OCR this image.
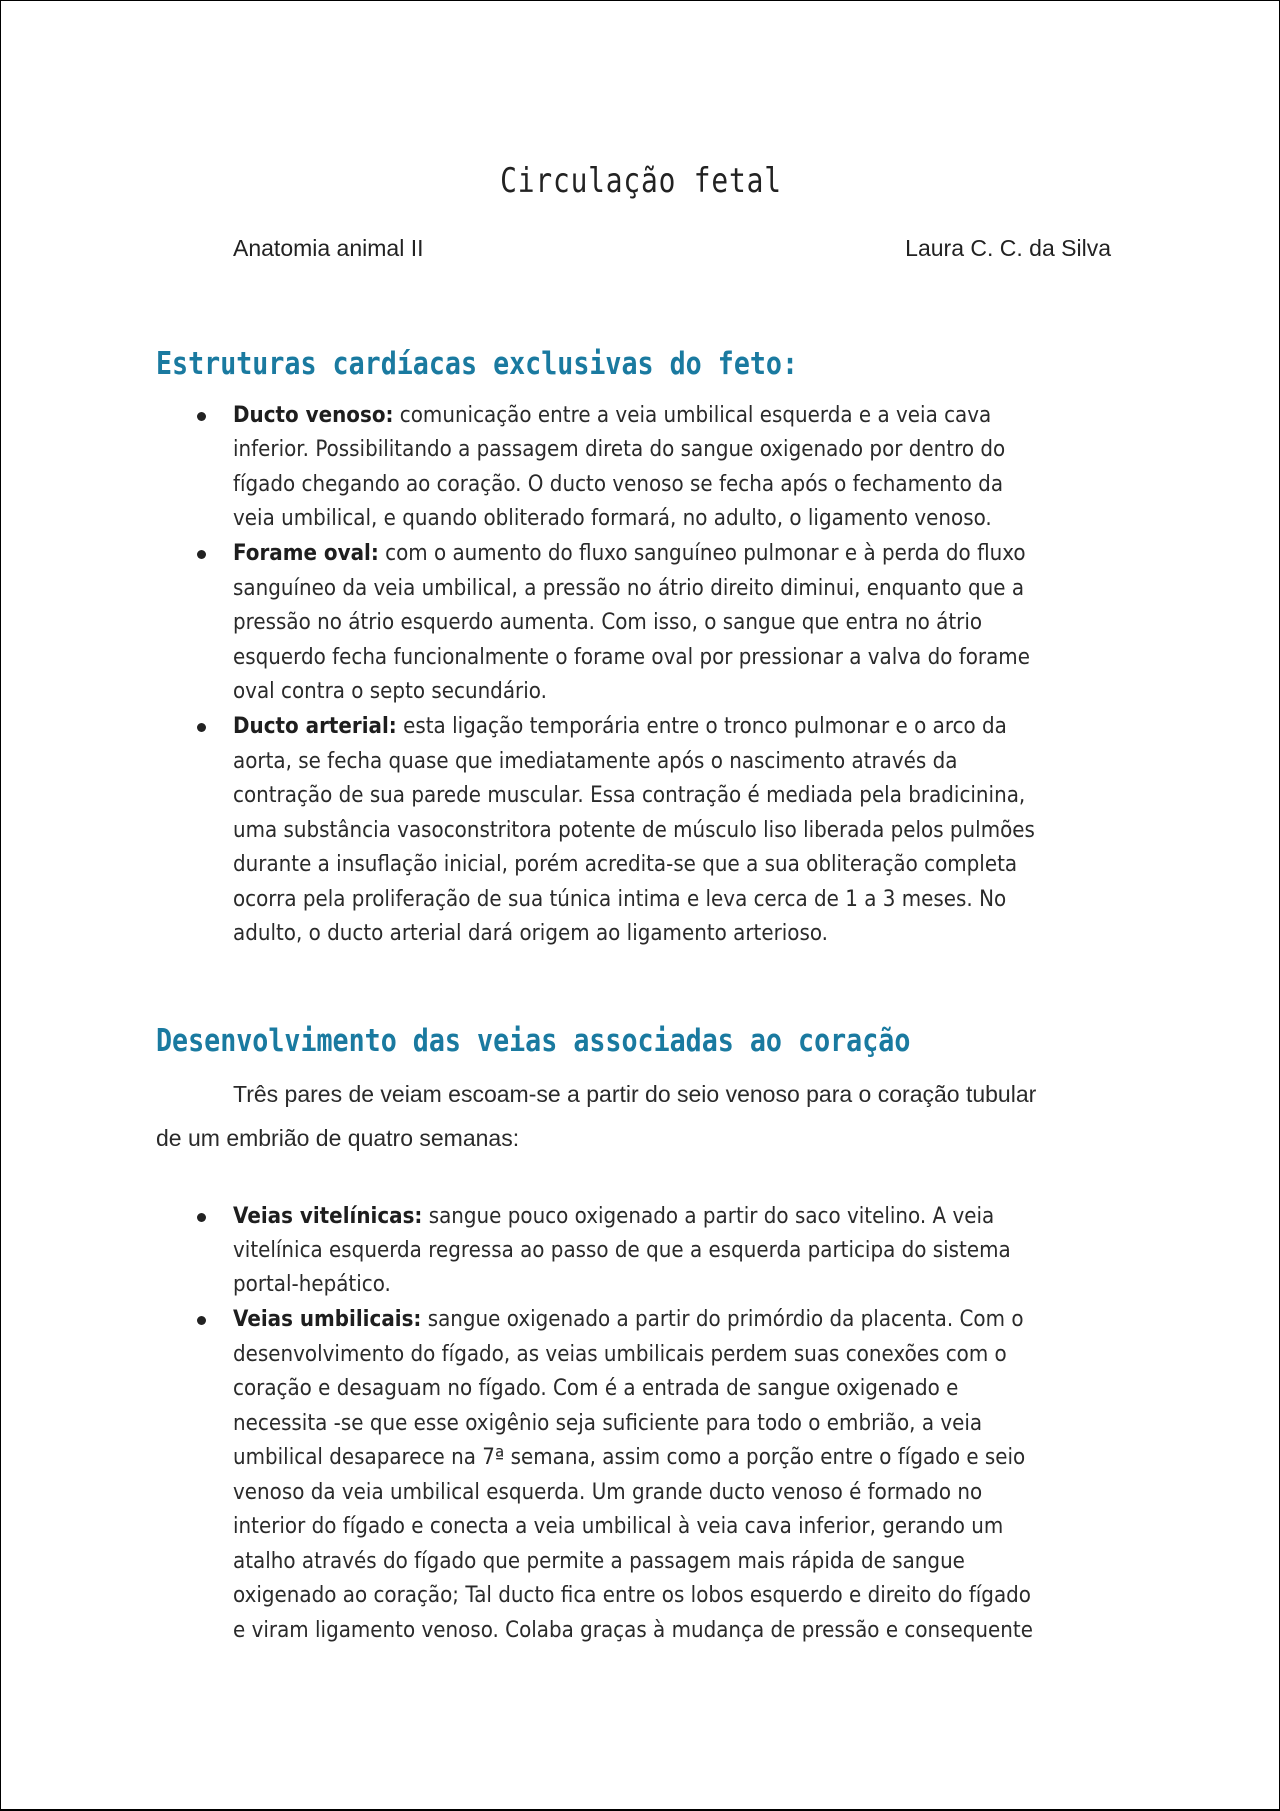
Circulação fetal
Anatomia animal II	Laura C. C. da Silva
Estruturas cardíacas exclusivas do feto:
Ducto venoso: comunicação entre a veia umbilical esquerda e a veia cava
inferior. Possibilitando a passagem direta do sangue oxigenado por dentro do
fígado chegando ao coração. O ducto venoso se fecha após o fechamento da
veia umbilical, e quando obliterado formará, no adulto, o ligamento venoso.
Forame oval: com o aumento do fluxo sanguíneo pulmonar e à perda do fluxo
sanguíneo da veia umbilical, a pressão no átrio direito diminui, enquanto que a
pressão no átrio esquerdo aumenta. Com isso, o sangue que entra no átrio
esquerdo fecha funcionalmente o forame oval por pressionar a valva do forame
oval contra o septo secundário.
Ducto arterial: esta ligação temporária entre o tronco pulmonar e o arco da
aorta, se fecha quase que imediatamente após o nascimento através da
contração de sua parede muscular. Essa contração é mediada pela bradicinina,
uma substância vasoconstritora potente de músculo liso liberada pelos pulmões
durante a insuflação inicial, porém acredita-se que a sua obliteração completa
ocorra pela proliferação de sua túnica intima e leva cerca de 1 a 3 meses. No
adulto, o ducto arterial dará origem ao ligamento arterioso.
Desenvolvimento das veias associadas ao coração
Três pares de veiam escoam-se a partir do seio venoso para o coração tubular
de um embrião de quatro semanas:
Veias vitelínicas: sangue pouco oxigenado a partir do saco vitelino. A veia
vitelínica esquerda regressa ao passo de que a esquerda participa do sistema
portal-hepático.
Veias umbilicais: sangue oxigenado a partir do primórdio da placenta. Com o
desenvolvimento do fígado, as veias umbilicais perdem suas conexões com o
coração e desaguam no fígado. Com é a entrada de sangue oxigenado e
necessita -se que esse oxigênio seja suficiente para todo o embrião, a veia
umbilical desaparece na 7ª semana, assim como a porção entre o fígado e seio
venoso da veia umbilical esquerda. Um grande ducto venoso é formado no
interior do fígado e conecta a veia umbilical à veia cava inferior, gerando um
atalho através do fígado que permite a passagem mais rápida de sangue
oxigenado ao coração; Tal ducto fica entre os lobos esquerdo e direito do fígado
e viram ligamento venoso. Colaba graças à mudança de pressão e consequente
